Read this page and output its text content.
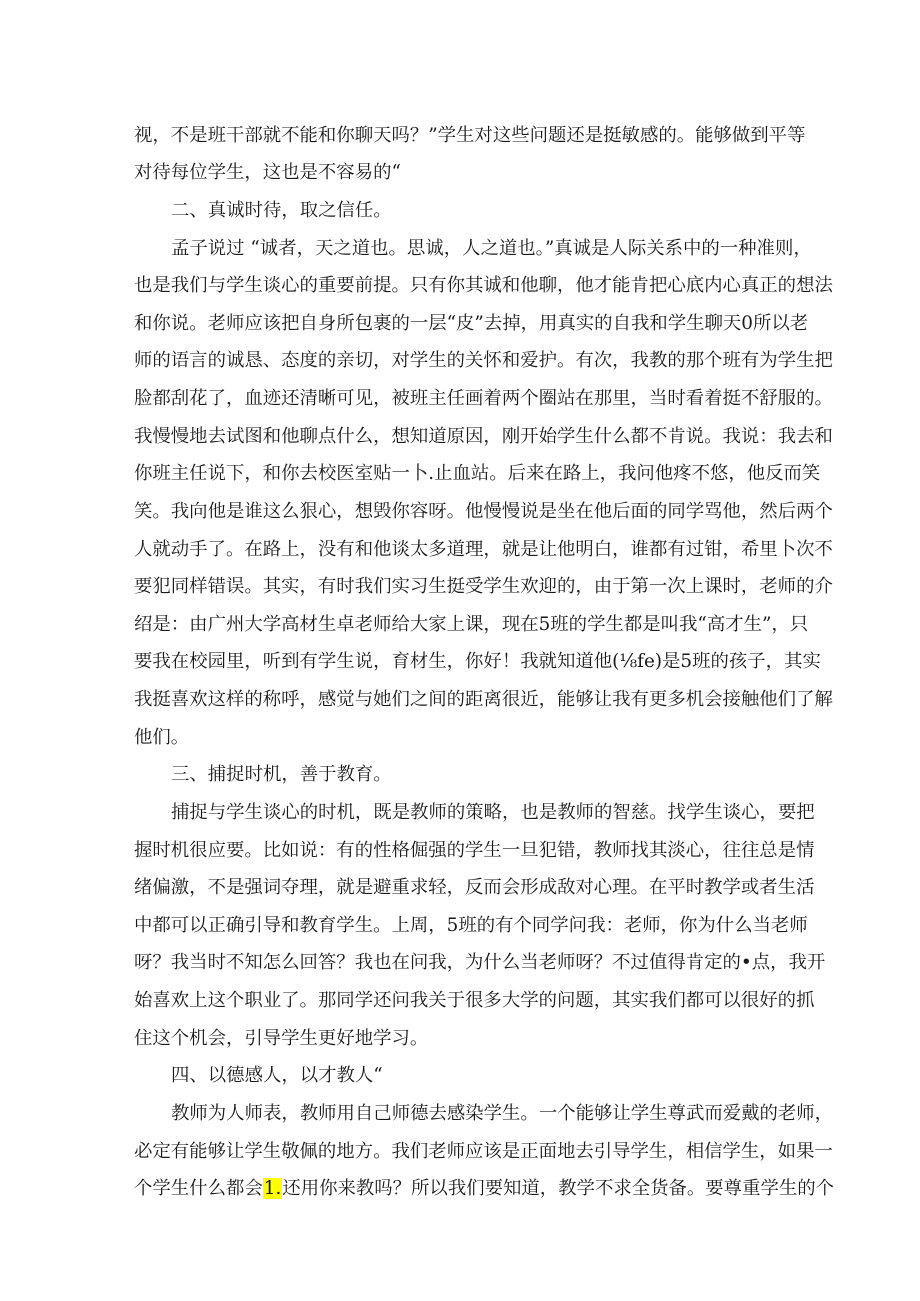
视，不是班干部就不能和你聊天吗？”学生对这些问题还是挺敏感的。能够做到平等

对待每位学生，这也是不容易的“

二、真诚时待，取之信任。

孟子说过 “诚者，天之道也。思诚，人之道也。”真诚是人际关系中的一种准则，

也是我们与学生谈心的重要前提。只有你其诚和他聊，他才能肯把心底内心真正的想法

和你说。老师应该把自身所包裹的一层“皮”去掉，用真实的自我和学生聊天0所以老

师的语言的诚恳、态度的亲切，对学生的关怀和爱护。有次，我教的那个班有为学生把

脸都刮花了，血迹还清晰可见，被班主任画着两个圈站在那里，当时看着挺不舒服的。

我慢慢地去试图和他聊点什么，想知道原因，刚开始学生什么都不肯说。我说：我去和

你班主任说下，和你去校医室贴一卜.止血站。后来在路上，我问他疼不悠，他反而笑

笑。我向他是谁这么狠心，想毁你容呀。他慢慢说是坐在他后面的同学骂他，然后两个

人就动手了。在路上，没有和他谈太多道理，就是让他明白，谁都有过钳，希里卜次不

要犯同样错误。其实，有时我们实习生挺受学生欢迎的，由于第一次上课时，老师的介

绍是：由广州大学高材生卓老师给大家上课，现在5班的学生都是叫我“高才生”，只

要我在校园里，听到有学生说，育材生，你好！我就知道他(⅛fe)是5班的孩子，其实

我挺喜欢这样的称呼，感觉与她们之间的距离很近，能够让我有更多机会接触他们了解

他们。

三、捕捉时机，善于教育。

捕捉与学生谈心的时机，既是教师的策略，也是教师的智慈。找学生谈心，要把

握时机很应要。比如说：有的性格倔强的学生一旦犯错，教师找其淡心，往往总是情

绪偏激，不是强词夺理，就是避重求轻，反而会形成敌对心理。在平时教学或者生活

中都可以正确引导和教育学生。上周，5班的有个同学问我：老师，你为什么当老师

呀？我当时不知怎么回答？我也在问我，为什么当老师呀？不过值得肯定的•点，我开

始喜欢上这个职业了。那同学还问我关于很多大学的问题，其实我们都可以很好的抓

住这个机会，引导学生更好地学习。

四、以德感人，以才教人“

教师为人师表，教师用自己师德去感染学生。一个能够让学生尊武而爱戴的老师，

必定有能够让学生敬佩的地方。我们老师应该是正面地去引导学生，相信学生，如果一

个学生什么都会1.还用你来教吗？所以我们要知道，教学不求全货备。要尊重学生的个
